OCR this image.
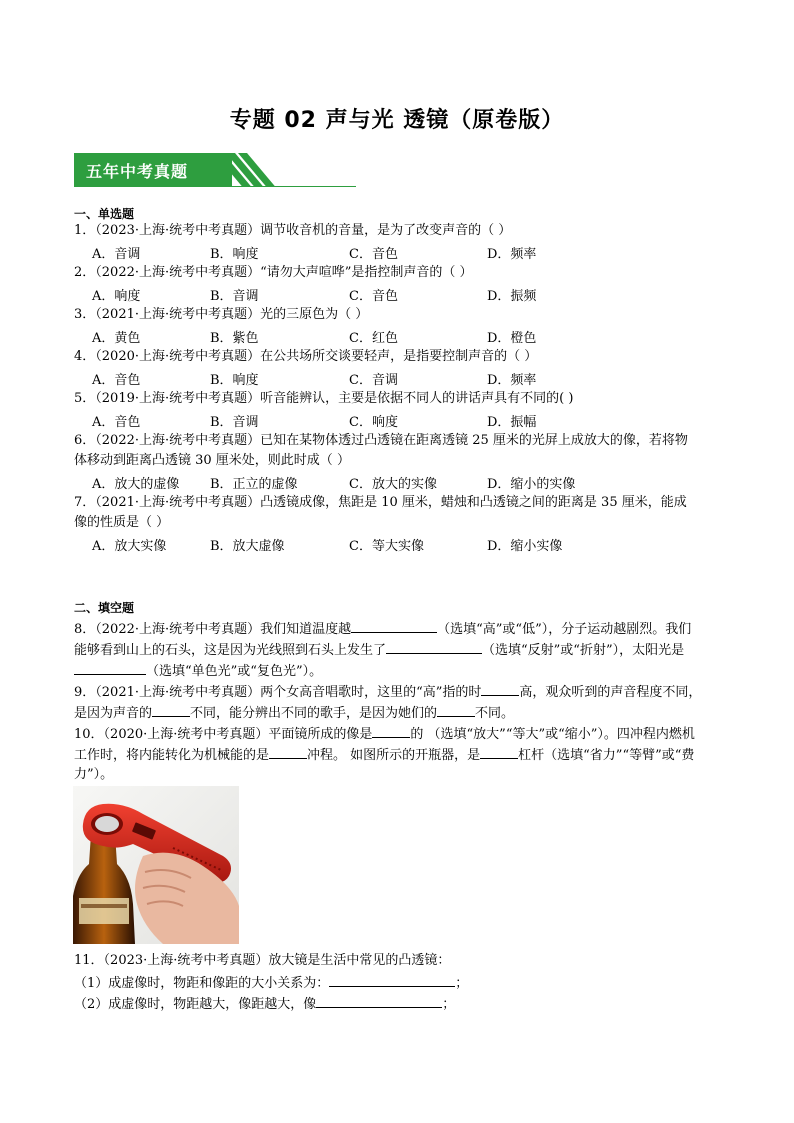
专题 02 声与光 透镜（原卷版）
五年中考真题
一、单选题
1．（2023·上海·统考中考真题）调节收音机的音量，是为了改变声音的（ ）
A．音调	B．响度	C．音色	D．频率
2．（2022·上海·统考中考真题）“请勿大声喧哗”是指控制声音的（ ）
A．响度	B．音调	C．音色	D．振频
3．（2021·上海·统考中考真题）光的三原色为（ ）
A．黄色	B．紫色	C．红色	D．橙色
4．（2020·上海·统考中考真题）在公共场所交谈要轻声，是指要控制声音的（ ）
A．音色	B．响度	C．音调	D．频率
5．（2019·上海·统考中考真题）听音能辨认，主要是依据不同人的讲话声具有不同的( )
A．音色	B．音调	C．响度	D．振幅
6．（2022·上海·统考中考真题）已知在某物体透过凸透镜在距离透镜 25 厘米的光屏上成放大的像，若将物
体移动到距离凸透镜 30 厘米处，则此时成（ ）
A．放大的虚像 B．正立的虚像	C．放大的实像	D．缩小的实像
7．（2021·上海·统考中考真题）凸透镜成像，焦距是 10 厘米，蜡烛和凸透镜之间的距离是 35 厘米，能成
像的性质是（ ）
A．放大实像	B．放大虚像	C．等大实像	D．缩小实像
二、填空题
8．（2022·上海·统考中考真题）我们知道温度越	（选填“高”或“低”），分子运动越剧烈。我们
能够看到山上的石头，这是因为光线照到石头上发生了	（选填“反射”或“折射”），太阳光是
（选填“单色光”或“复色光”）。
9．（2021·上海·统考中考真题）两个女高音唱歌时，这里的“高”指的时	高，观众听到的声音程度不同，
是因为声音的	不同，能分辨出不同的歌手，是因为她们的	不同。
10．（2020·上海·统考中考真题）平面镜所成的像是	的 （选填“放大”“等大”或“缩小”）。四冲程内燃机
工作时，将内能转化为机械能的是	冲程。 如图所示的开瓶器，是	杠杆（选填“省力”“等臂”或“费
力”）。
11．（2023·上海·统考中考真题）放大镜是生活中常见的凸透镜：
（1）成虚像时，物距和像距的大小关系为：	；
（2）成虚像时，物距越大，像距越大，像	；
